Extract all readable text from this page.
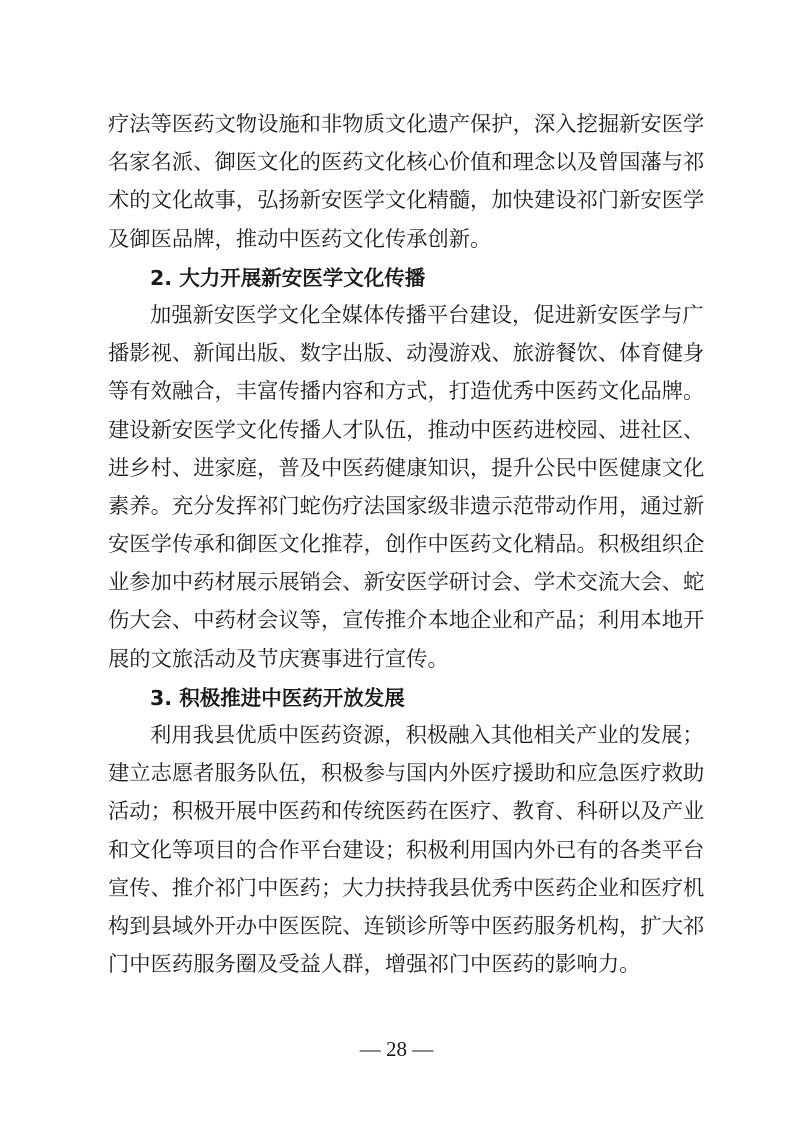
疗法等医药文物设施和非物质文化遗产保护，深入挖掘新安医学
名家名派、御医文化的医药文化核心价值和理念以及曾国藩与祁
术的文化故事，弘扬新安医学文化精髓，加快建设祁门新安医学
及御医品牌，推动中医药文化传承创新。
2. 大力开展新安医学文化传播
加强新安医学文化全媒体传播平台建设，促进新安医学与广
播影视、新闻出版、数字出版、动漫游戏、旅游餐饮、体育健身
等有效融合，丰富传播内容和方式，打造优秀中医药文化品牌。
建设新安医学文化传播人才队伍，推动中医药进校园、进社区、
进乡村、进家庭，普及中医药健康知识，提升公民中医健康文化
素养。充分发挥祁门蛇伤疗法国家级非遗示范带动作用，通过新
安医学传承和御医文化推荐，创作中医药文化精品。积极组织企
业参加中药材展示展销会、新安医学研讨会、学术交流大会、蛇
伤大会、中药材会议等，宣传推介本地企业和产品；利用本地开
展的文旅活动及节庆赛事进行宣传。
3. 积极推进中医药开放发展
利用我县优质中医药资源，积极融入其他相关产业的发展；
建立志愿者服务队伍，积极参与国内外医疗援助和应急医疗救助
活动；积极开展中医药和传统医药在医疗、教育、科研以及产业
和文化等项目的合作平台建设；积极利用国内外已有的各类平台
宣传、推介祁门中医药；大力扶持我县优秀中医药企业和医疗机
构到县域外开办中医医院、连锁诊所等中医药服务机构，扩大祁
门中医药服务圈及受益人群，增强祁门中医药的影响力。
— 28 —
